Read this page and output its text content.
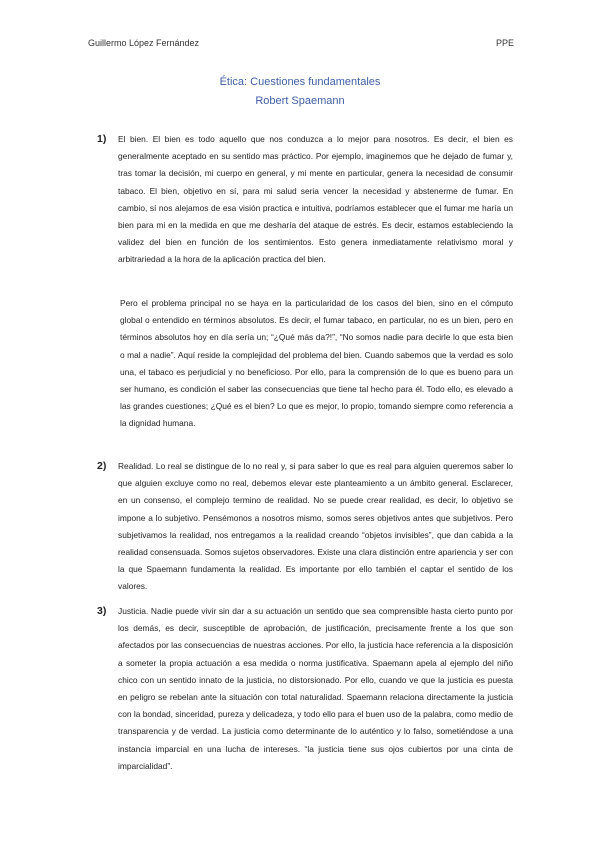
Guillermo López Fernández	PPE
Ética: Cuestiones fundamentales
Robert Spaemann
1) El bien. El bien es todo aquello que nos conduzca a lo mejor para nosotros. Es decir, el bien es generalmente aceptado en su sentido mas práctico. Por ejemplo, imaginemos que he dejado de fumar y, tras tomar la decisión, mi cuerpo en general, y mi mente en particular, genera la necesidad de consumir tabaco. El bien, objetivo en sí, para mi salud seria vencer la necesidad y abstenerme de fumar. En cambio, sí nos alejamos de esa visión practica e intuitiva, podríamos establecer que el fumar me haría un bien para mi en la medida en que me desharía del ataque de estrés. Es decir, estamos estableciendo la validez del bien en función de los sentimientos. Esto genera inmediatamente relativismo moral y arbitrariedad a la hora de la aplicación practica del bien.
Pero el problema principal no se haya en la particularidad de los casos del bien, sino en el cómputo global o entendido en términos absolutos. Es decir, el fumar tabaco, en particular, no es un bien, pero en términos absolutos hoy en día sería un; “¿Qué más da?!”, “No somos nadie para decirle lo que esta bien o mal a nadie”. Aquí reside la complejidad del problema del bien. Cuando sabemos que la verdad es solo una, el tabaco es perjudicial y no beneficioso. Por ello, para la comprensión de lo que es bueno para un ser humano, es condición el saber las consecuencias que tiene tal hecho para él. Todo ello, es elevado a las grandes cuestiones; ¿Qué es el bien? Lo que es mejor, lo propio, tomando siempre como referencia a la dignidad humana.
2) Realidad. Lo real se distingue de lo no real y, si para saber lo que es real para alguien queremos saber lo que alguien excluye como no real, debemos elevar este planteamiento a un ámbito general. Esclarecer, en un consenso, el complejo termino de realidad. No se puede crear realidad, es decir, lo objetivo se impone a lo subjetivo. Pensémonos a nosotros mismo, somos seres objetivos antes que subjetivos. Pero subjetivamos la realidad, nos entregamos a la realidad creando “objetos invisibles”, que dan cabida a la realidad consensuada. Somos sujetos observadores. Existe una clara distinción entre apariencia y ser con la que Spaemann fundamenta la realidad. Es importante por ello también el captar el sentido de los valores.
3) Justicia. Nadie puede vivir sin dar a su actuación un sentido que sea comprensible hasta cierto punto por los demás, es decir, susceptible de aprobación, de justificación, precisamente frente a los que son afectados por las consecuencias de nuestras acciones. Por ello, la justicia hace referencia a la disposición a someter la propia actuación a esa medida o norma justificativa. Spaemann apela al ejemplo del niño chico con un sentido innato de la justicia, no distorsionado. Por ello, cuando ve que la justicia es puesta en peligro se rebelan ante la situación con total naturalidad. Spaemann relaciona directamente la justicia con la bondad, sinceridad, pureza y delicadeza, y todo ello para el buen uso de la palabra, como medio de transparencia y de verdad. La justicia como determinante de lo auténtico y lo falso, sometiéndose a una instancia imparcial en una lucha de intereses. “la justicia tiene sus ojos cubiertos por una cinta de imparcialidad”.
